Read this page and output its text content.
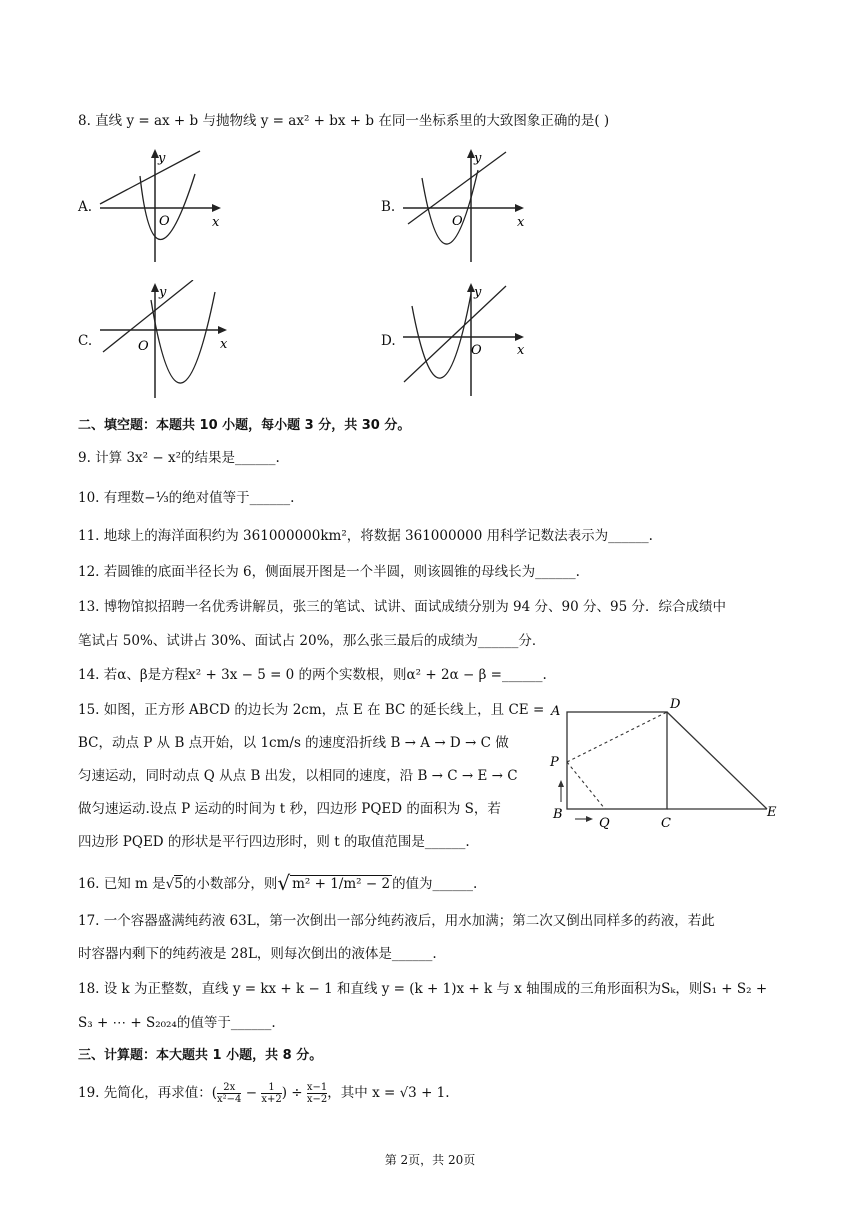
8. 直线 y = ax + b 与抛物线 y = ax² + bx + b 在同一坐标系里的大致图象正确的是( )
A.
y
O	x
B.
y
O	x
C.
y
O	x	D.
y
O	x
二、填空题：本题共 10 小题，每小题 3 分，共 30 分。
9. 计算 3x² − x²的结果是______.
10. 有理数−⅓的绝对值等于______.
11. 地球上的海洋面积约为 361000000km²，将数据 361000000 用科学记数法表示为______.
12. 若圆锥的底面半径长为 6，侧面展开图是一个半圆，则该圆锥的母线长为______.
13. 博物馆拟招聘一名优秀讲解员，张三的笔试、试讲、面试成绩分别为 94 分、90 分、95 分．综合成绩中
笔试占 50%、试讲占 30%、面试占 20%，那么张三最后的成绩为______分．
14. 若α、β是方程x² + 3x − 5 = 0 的两个实数根，则α² + 2α − β =______.
15. 如图，正方形 ABCD 的边长为 2cm，点 E 在 BC 的延长线上，且 CE =
BC，动点 P 从 B 点开始，以 1cm/s 的速度沿折线 B → A → D → C 做
匀速运动，同时动点 Q 从点 B 出发，以相同的速度，沿 B → C → E → C
做匀速运动.设点 P 运动的时间为 t 秒，四边形 PQED 的面积为 S，若
四边形 PQED 的形状是平行四边形时，则 t 的取值范围是______.
A	D
P
B
Q	C
E
16. 已知 m 是√5的小数部分，则√ m² + 1/m² − 2 的值为______.
17. 一个容器盛满纯药液 63L，第一次倒出一部分纯药液后，用水加满；第二次又倒出同样多的药液，若此
时容器内剩下的纯药液是 28L，则每次倒出的液体是______.
18. 设 k 为正整数，直线 y = kx + k − 1 和直线 y = (k + 1)x + k 与 x 轴围成的三角形面积为Sₖ，则S₁ + S₂ +
S₃ + ⋯ + S₂₀₂₄的值等于______.
三、计算题：本大题共 1 小题，共 8 分。
19. 先简化，再求值：( $\frac{2x}{\text{x²−4}} - \frac{1}{x+2}$ ) ÷ $\frac{x-1}{x-2}$ ，其中 x = √3 + 1.
第 2页，共 20页
